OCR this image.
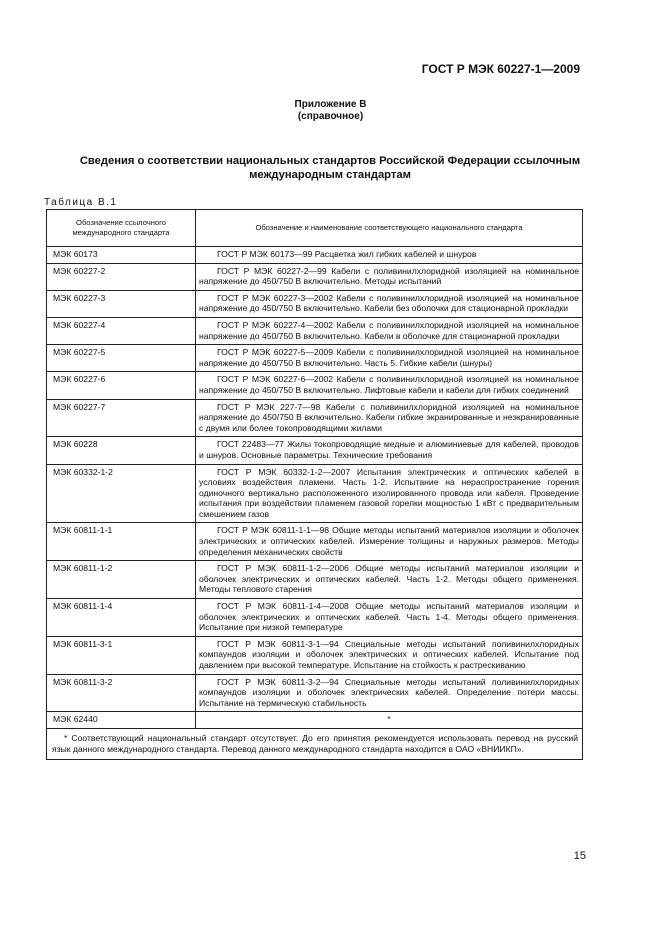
ГОСТ Р МЭК 60227-1—2009
Приложение В
(справочное)
Сведения о соответствии национальных стандартов Российской Федерации ссылочным международным стандартам
Таблица В.1
Обозначение ссылочного международного стандарта	Обозначение и наименование соответствующего национального стандарта
МЭК 60173	ГОСТ Р МЭК 60173—99 Расцветка жил гибких кабелей и шнуров
МЭК 60227-2	ГОСТ Р МЭК 60227-2—99 Кабели с поливинилхлоридной изоляцией на номинальное напряжение до 450/750 В включительно. Методы испытаний
МЭК 60227-3	ГОСТ Р МЭК 60227-3—2002 Кабели с поливинилхлоридной изоляцией на номинальное напряжение до 450/750 В включительно. Кабели без оболочки для стационарной прокладки
МЭК 60227-4	ГОСТ Р МЭК 60227-4—2002 Кабели с поливинилхлоридной изоляцией на номинальное напряжение до 450/750 В включительно. Кабели в оболочке для стационарной прокладки
МЭК 60227-5	ГОСТ Р МЭК 60227-5—2009 Кабели с поливинилхлоридной изоляцией на номинальное напряжение до 450/750 В включительно. Часть 5. Гибкие кабели (шнуры)
МЭК 60227-6	ГОСТ Р МЭК 60227-6—2002 Кабели с поливинилхлоридной изоляцией на номинальное напряжение до 450/750 В включительно. Лифтовые кабели и кабели для гибких соединений
МЭК 60227-7	ГОСТ Р МЭК 227-7—98 Кабели с поливинилхлоридной изоляцией на номинальное напряжение до 450/750 В включительно. Кабели гибкие экранированные и неэкранированные с двумя или более токопроводящими жилами
МЭК 60228	ГОСТ 22483—77 Жилы токопроводящие медные и алюминиевые для кабелей, проводов и шнуров. Основные параметры. Технические требования
МЭК 60332-1-2	ГОСТ Р МЭК 60332-1-2—2007 Испытания электрических и оптических кабелей в условиях воздействия пламени. Часть 1-2. Испытание на нераспространение горения одиночного вертикально расположенного изолированного провода или кабеля. Проведение испытания при воздействии пламенем газовой горелки мощностью 1 кВт с предварительным смешением газов
МЭК 60811-1-1	ГОСТ Р МЭК 60811-1-1—98 Общие методы испытаний материалов изоляции и оболочек электрических и оптических кабелей. Измерение толщины и наружных размеров. Методы определения механических свойств
МЭК 60811-1-2	ГОСТ Р МЭК 60811-1-2—2006 Общие методы испытаний материалов изоляции и оболочек электрических и оптических кабелей. Часть 1-2. Методы общего применения. Методы теплового старения
МЭК 60811-1-4	ГОСТ Р МЭК 60811-1-4—2008 Общие методы испытаний материалов изоляции и оболочек электрических и оптических кабелей. Часть 1-4. Методы общего применения. Испытание при низкой температуре
МЭК 60811-3-1	ГОСТ Р МЭК 60811-3-1—94 Специальные методы испытаний поливинилхлоридных компаундов изоляции и оболочек электрических и оптических кабелей. Испытание под давлением при высокой температуре. Испытание на стойкость к растрескиванию
МЭК 60811-3-2	ГОСТ Р МЭК 60811-3-2—94 Специальные методы испытаний поливинилхлоридных компаундов изоляции и оболочек электрических кабелей. Определение потери массы. Испытание на термическую стабильность
МЭК 62440	*
* Соответствующий национальный стандарт отсутствует. До его принятия рекомендуется использовать перевод на русский язык данного международного стандарта. Перевод данного международного стандарта находится в ОАО «ВНИИКП».	
15
